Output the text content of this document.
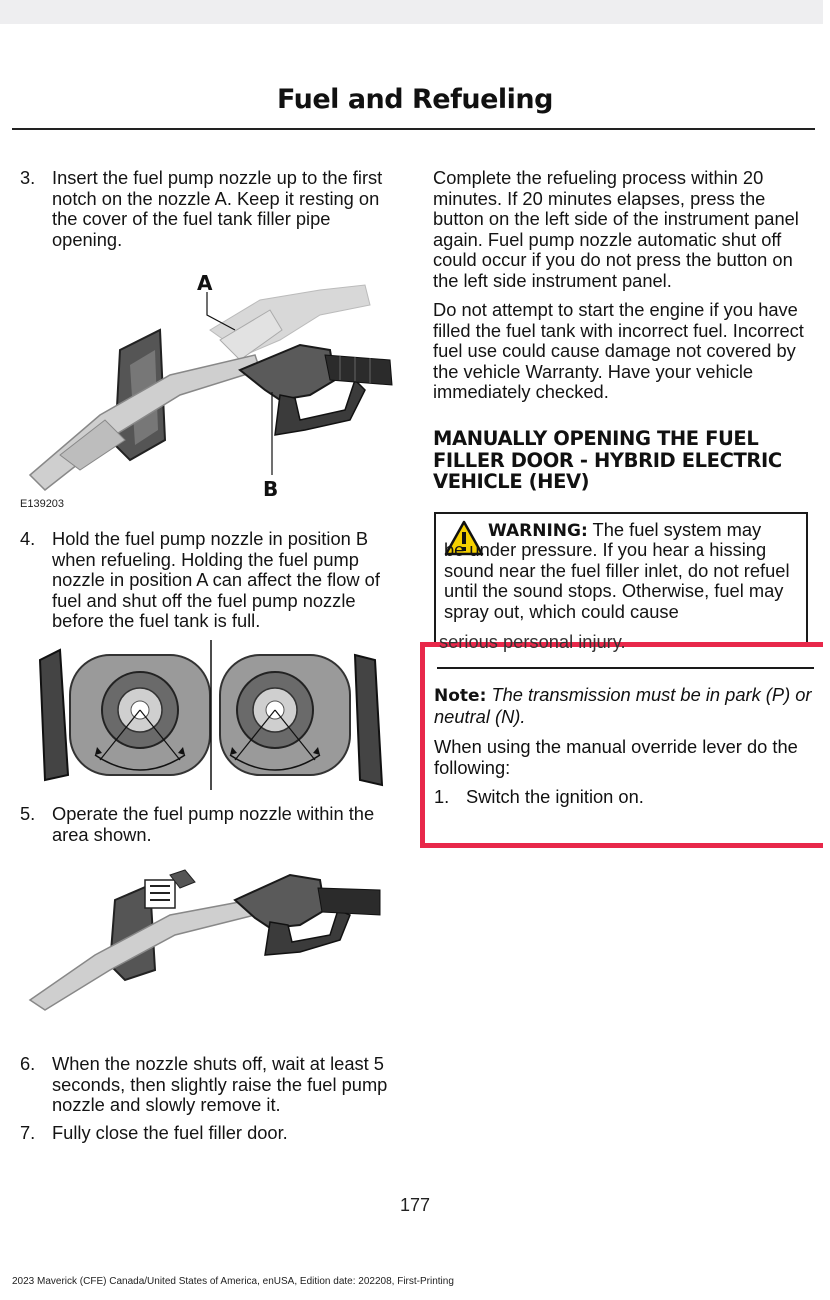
Fuel and Refueling
3. Insert the fuel pump nozzle up to the first notch on the nozzle A. Keep it resting on the cover of the fuel tank filler pipe opening.
A
B
E139203
4. Hold the fuel pump nozzle in position B when refueling. Holding the fuel pump nozzle in position A can affect the flow of fuel and shut off the fuel pump nozzle before the fuel tank is full.
5. Operate the fuel pump nozzle within the area shown.
6. When the nozzle shuts off, wait at least 5 seconds, then slightly raise the fuel pump nozzle and slowly remove it.
7. Fully close the fuel filler door.
Complete the refueling process within 20 minutes. If 20 minutes elapses, press the button on the left side of the instrument panel again. Fuel pump nozzle automatic shut off could occur if you do not press the button on the left side instrument panel.
Do not attempt to start the engine if you have filled the fuel tank with incorrect fuel. Incorrect fuel use could cause damage not covered by the vehicle Warranty. Have your vehicle immediately checked.
MANUALLY OPENING THE FUEL FILLER DOOR - HYBRID ELECTRIC VEHICLE (HEV)
WARNING: The fuel system may
be under pressure. If you hear a hissing sound near the fuel filler inlet, do not refuel until the sound stops. Otherwise, fuel may spray out, which could cause
serious personal injury.
Note: The transmission must be in park (P) or neutral (N).
When using the manual override lever do the following:
1. Switch the ignition on.
177
2023 Maverick (CFE) Canada/United States of America, enUSA, Edition date: 202208, First-Printing
